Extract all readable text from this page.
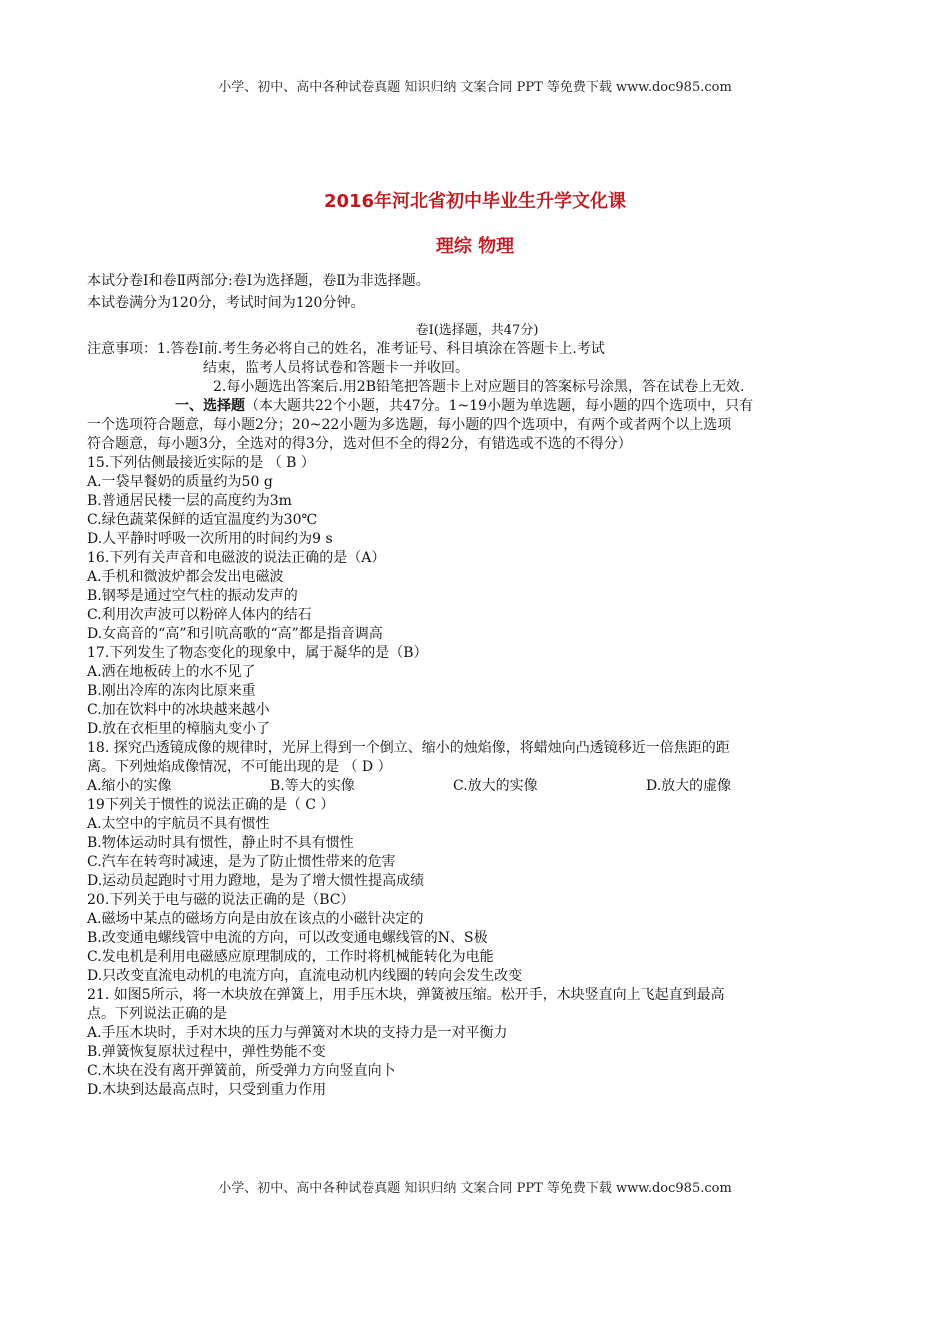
小学、初中、高中各种试卷真题 知识归纳 文案合同 PPT 等免费下载 www.doc985.com
2016年河北省初中毕业生升学文化课
理综 物理
本试分卷Ⅰ和卷Ⅱ两部分:卷Ⅰ为选择题，卷Ⅱ为非选择题。
本试卷满分为120分，考试时间为120分钟。
卷Ⅰ(选择题，共47分)
注意事项：1.答卷Ⅰ前.考生务必将自己的姓名，准考证号、科目填涂在答题卡上.考试
结束，监考人员将试卷和答题卡一并收回。
2.每小题选出答案后.用2B铅笔把答题卡上对应题目的答案标号涂黑，答在试卷上无效.
一、选择题（本大题共22个小题，共47分。1~19小题为单选题，每小题的四个选项中，只有
一个选项符合题意，每小题2分；20~22小题为多选题，每小题的四个选项中，有两个或者两个以上选项
符合题意，每小题3分，全选对的得3分，选对但不全的得2分，有错选或不选的不得分）
15.下列估侧最接近实际的是 （ B ）
A.一袋早餐奶的质量约为50 g
B.普通居民楼一层的高度约为3m
C.绿色蔬菜保鲜的适宜温度约为30℃
D.人平静时呼吸一次所用的时间约为9 s
16.下列有关声音和电磁波的说法正确的是（A）
A.手机和微波炉都会发出电磁波
B.钢琴是通过空气柱的振动发声的
C.利用次声波可以粉碎人体内的结石
D.女高音的“高”和引吭高歌的“高”都是指音调高
17.下列发生了物态变化的现象中，属于凝华的是（B）
A.洒在地板砖上的水不见了
B.刚出冷库的冻肉比原来重
C.加在饮料中的冰块越来越小
D.放在衣柜里的樟脑丸变小了
18. 探究凸透镜成像的规律时，光屏上得到一个倒立、缩小的烛焰像，将蜡烛向凸透镜移近一倍焦距的距
离。下列烛焰成像情况，不可能出现的是 （ D ）
A.缩小的实像	B.等大的实像	C.放大的实像	D.放大的虚像
19下列关于惯性的说法正确的是（ C ）
A.太空中的宇航员不具有惯性
B.物体运动时具有惯性，静止时不具有惯性
C.汽车在转弯时减速，是为了防止惯性带来的危害
D.运动员起跑时寸用力蹬地，是为了增大惯性提高成绩
20.下列关于电与磁的说法正确的是（BC）
A.磁场中某点的磁场方向是由放在该点的小磁针决定的
B.改变通电螺线管中电流的方向，可以改变通电螺线管的N、S极
C.发电机是利用电磁感应原理制成的，工作时将机械能转化为电能
D.只改变直流电动机的电流方向，直流电动机内线圈的转向会发生改变
21. 如图5所示，将一木块放在弹簧上，用手压木块，弹簧被压缩。松开手，木块竖直向上飞起直到最高
点。下列说法正确的是
A.手压木块时，手对木块的压力与弹簧对木块的支持力是一对平衡力
B.弹簧恢复原状过程中，弹性势能不变
C.木块在没有离开弹簧前，所受弹力方向竖直向卜
D.木块到达最高点时，只受到重力作用
小学、初中、高中各种试卷真题 知识归纳 文案合同 PPT 等免费下载 www.doc985.com
